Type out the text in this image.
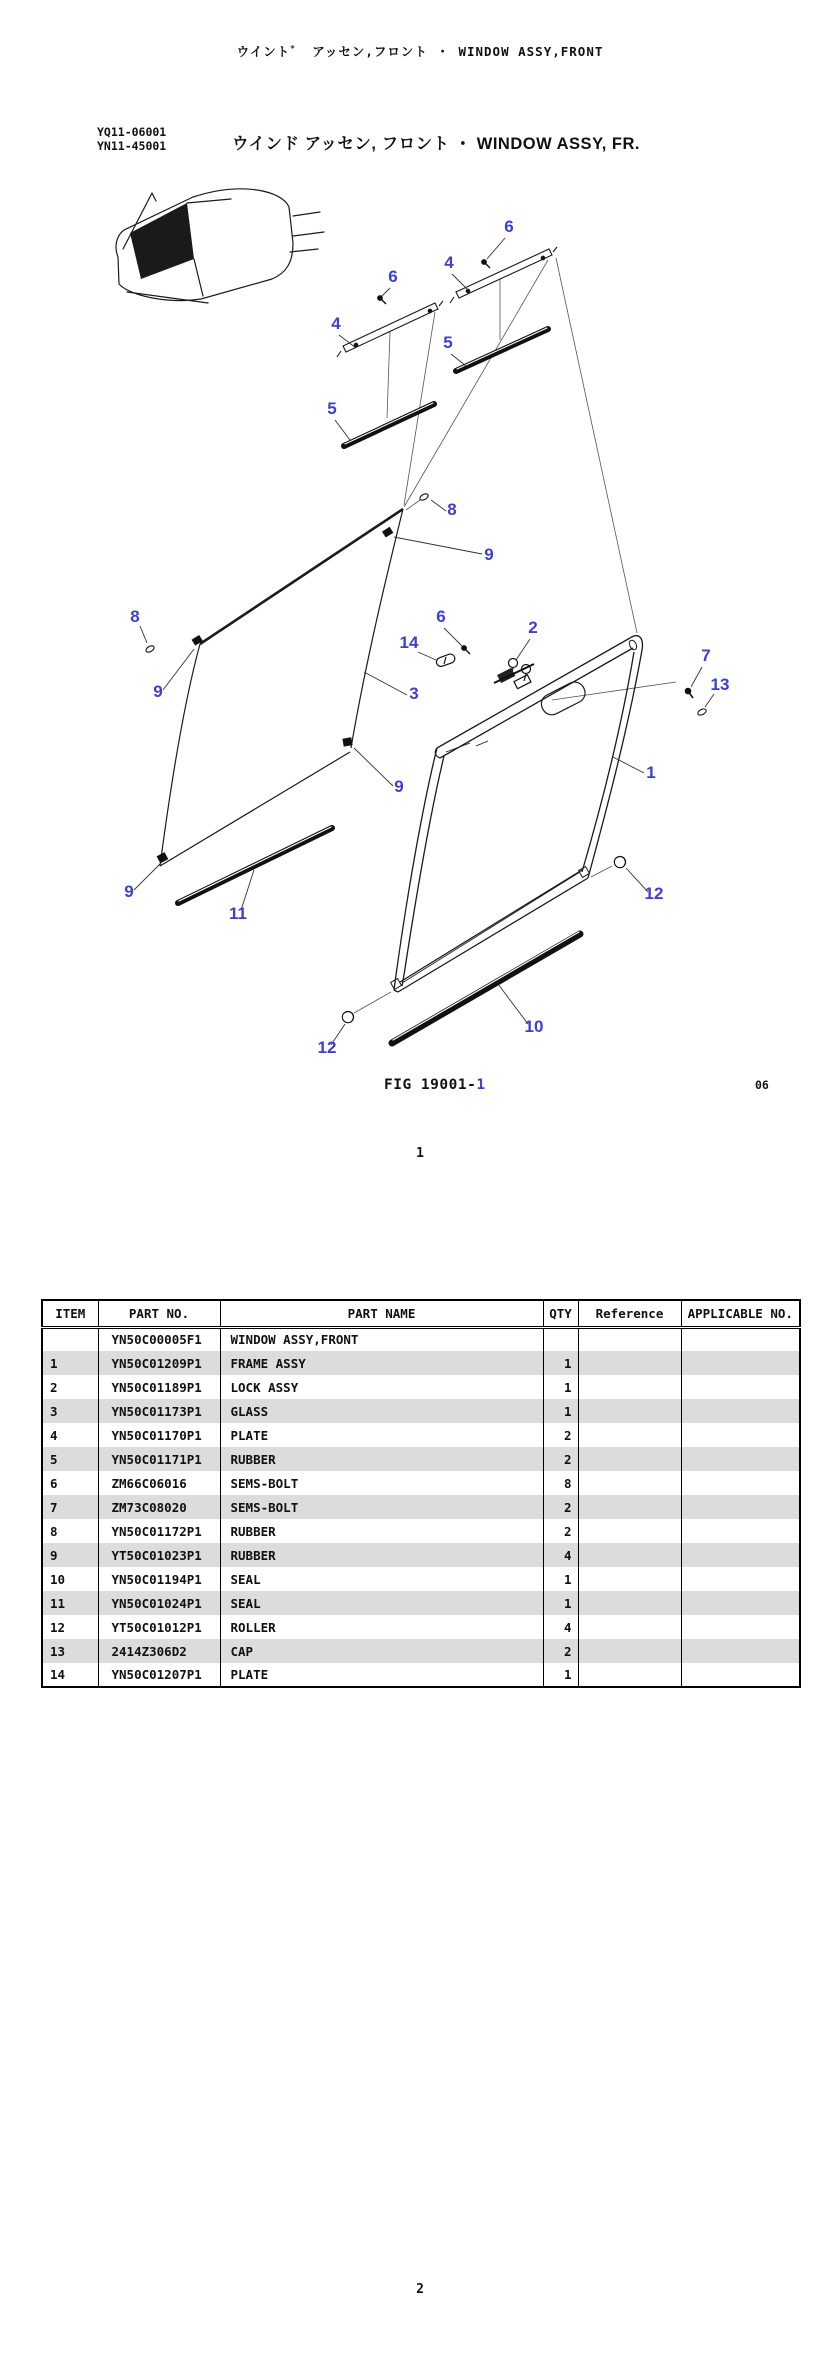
ウイント゛ アッセン,フロント ・ WINDOW ASSY,FRONT
YQ11-06001
YN11-45001	ウインド アッセン, フロント ・ WINDOW ASSY, FR.
6
4
6
4
5
5
8
9
8
9
6
2
14
3
7
13
9
1
9
11
12
10
12
FIG 19001-1	06
1
ITEM	PART NO.	PART NAME	QTY	Reference	APPLICABLE NO.
	YN50C00005F1	WINDOW ASSY,FRONT			
1	YN50C01209P1	FRAME ASSY	1		
2	YN50C01189P1	LOCK ASSY	1		
3	YN50C01173P1	GLASS	1		
4	YN50C01170P1	PLATE	2		
5	YN50C01171P1	RUBBER	2		
6	ZM66C06016	SEMS-BOLT	8		
7	ZM73C08020	SEMS-BOLT	2		
8	YN50C01172P1	RUBBER	2		
9	YT50C01023P1	RUBBER	4		
10	YN50C01194P1	SEAL	1		
11	YN50C01024P1	SEAL	1		
12	YT50C01012P1	ROLLER	4		
13	2414Z306D2	CAP	2		
14	YN50C01207P1	PLATE	1		
2
